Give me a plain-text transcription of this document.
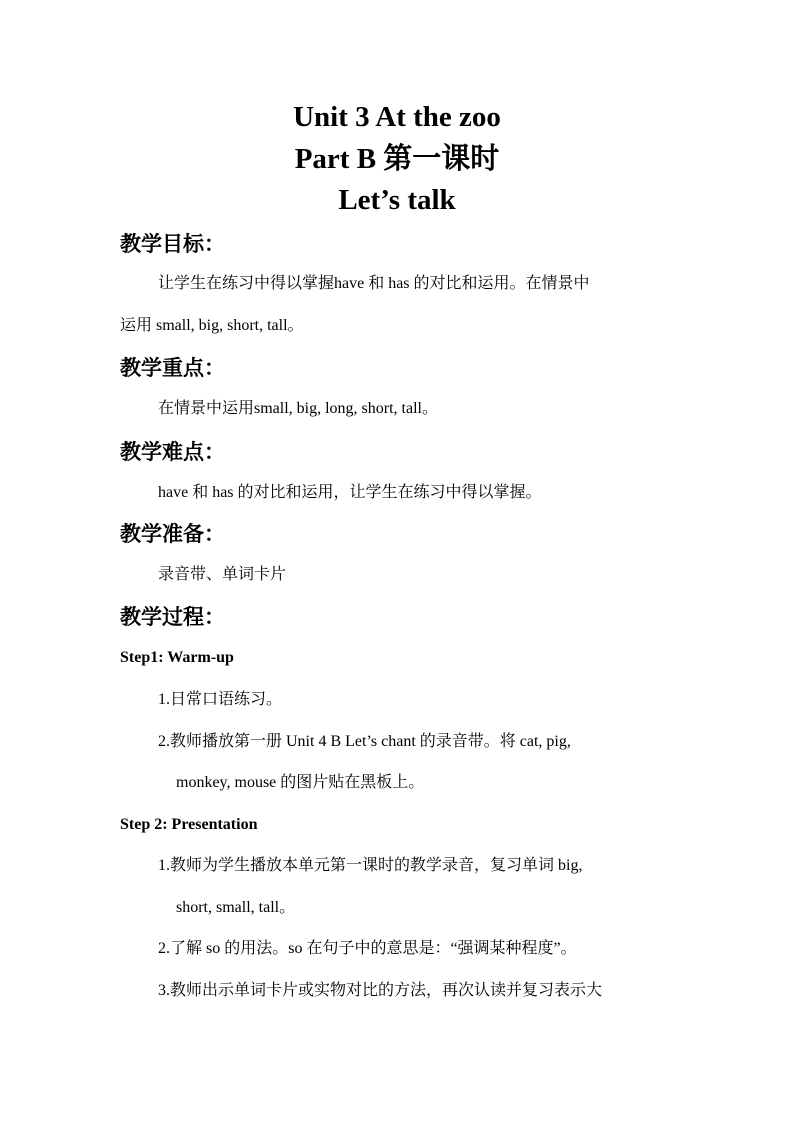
Unit 3 At the zoo
Part B 第一课时
Let’s talk
教学目标：
让学生在练习中得以掌握have 和 has 的对比和运用。在情景中
运用 small, big, short, tall。
教学重点：
在情景中运用small, big, long, short, tall。
教学难点：
have 和 has 的对比和运用，让学生在练习中得以掌握。
教学准备：
录音带、单词卡片
教学过程：
Step1: Warm-up
1.日常口语练习。
2.教师播放第一册 Unit 4 B Let’s chant 的录音带。将 cat, pig,
monkey, mouse 的图片贴在黑板上。
Step 2: Presentation
1.教师为学生播放本单元第一课时的教学录音，复习单词 big,
short, small, tall。
2.了解 so 的用法。so 在句子中的意思是：“强调某种程度”。
3.教师出示单词卡片或实物对比的方法，再次认读并复习表示大
